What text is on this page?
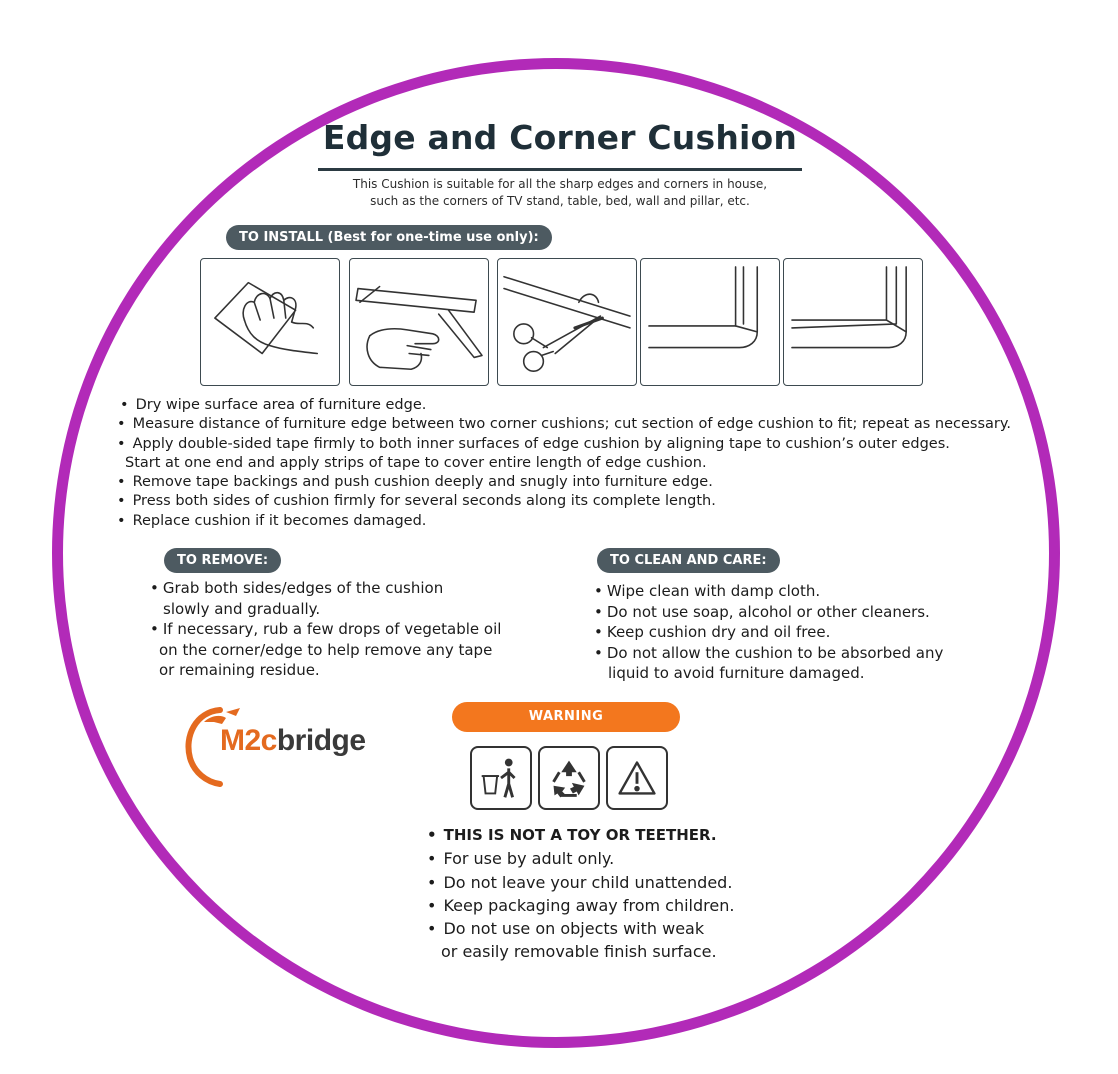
Edge and Corner Cushion
This Cushion is suitable for all the sharp edges and corners in house,
such as the corners of TV stand, table, bed, wall and pillar, etc.
TO INSTALL (Best for one-time use only):
• Dry wipe surface area of furniture edge.
• Measure distance of furniture edge between two corner cushions; cut section of edge cushion to fit; repeat as necessary.
• Apply double-sided tape firmly to both inner surfaces of edge cushion by aligning tape to cushion’s outer edges.
Start at one end and apply strips of tape to cover entire length of edge cushion.
• Remove tape backings and push cushion deeply and snugly into furniture edge.
• Press both sides of cushion firmly for several seconds along its complete length.
• Replace cushion if it becomes damaged.
TO REMOVE:
• Grab both sides/edges of the cushion
slowly and gradually.
• If necessary, rub a few drops of vegetable oil
on the corner/edge to help remove any tape
or remaining residue.
TO CLEAN AND CARE:
• Wipe clean with damp cloth.
• Do not use soap, alcohol or other cleaners.
• Keep cushion dry and oil free.
• Do not allow the cushion to be absorbed any
liquid to avoid furniture damaged.
M2cbridge
WARNING
• THIS IS NOT A TOY OR TEETHER.
• For use by adult only.
• Do not leave your child unattended.
• Keep packaging away from children.
• Do not use on objects with weak
or easily removable finish surface.
